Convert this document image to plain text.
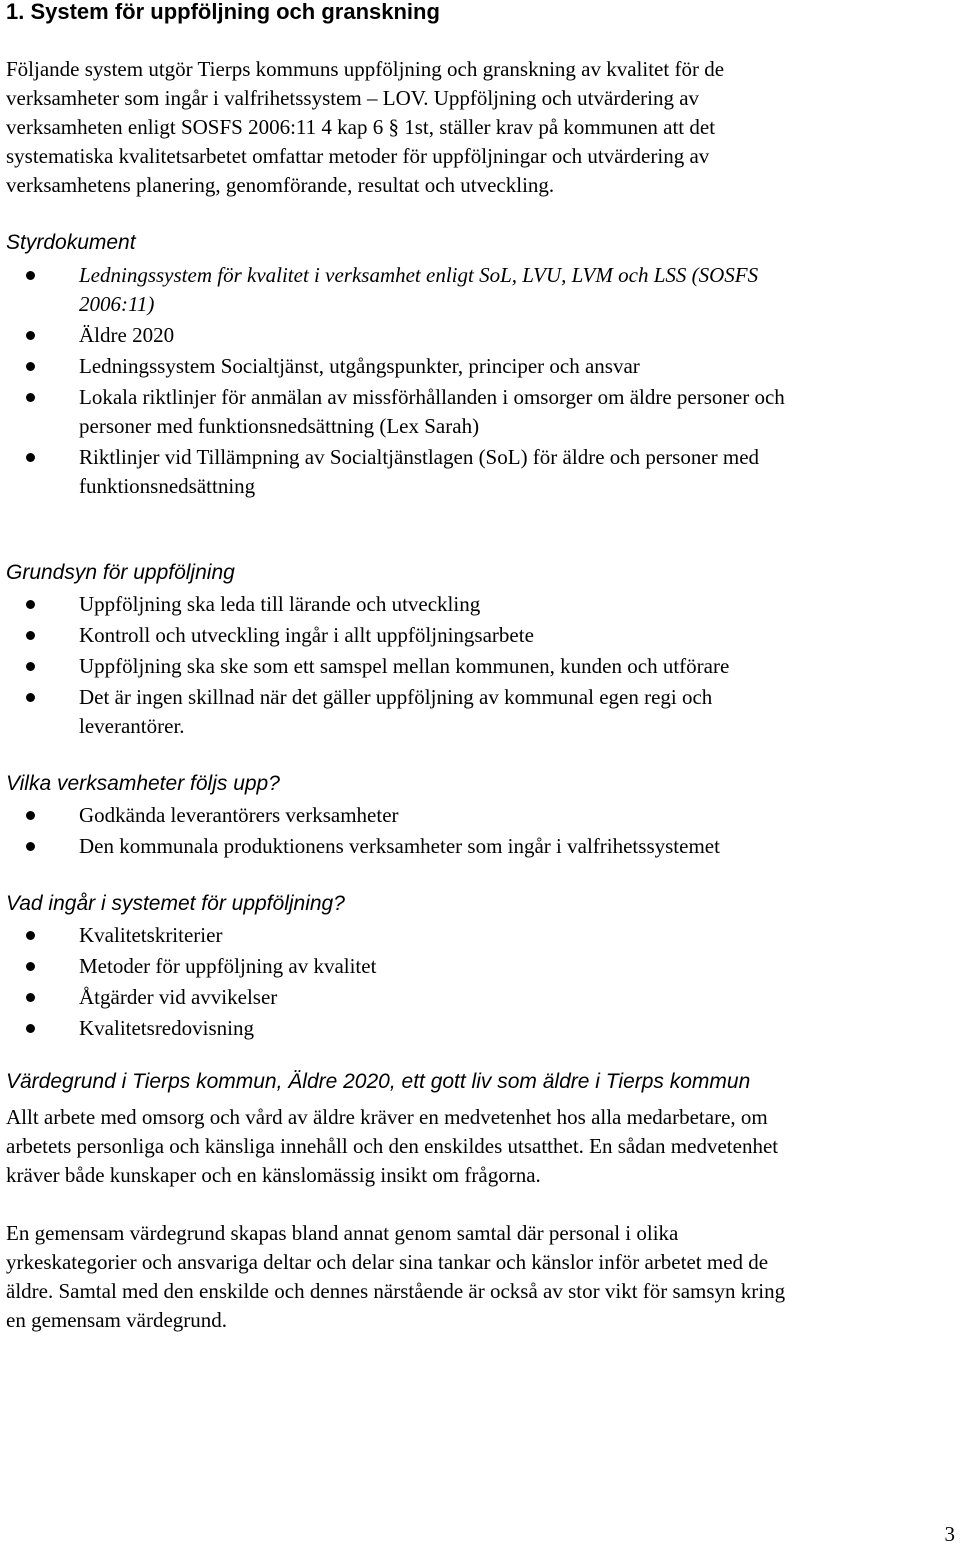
1. System för uppföljning och granskning
Följande system utgör Tierps kommuns uppföljning och granskning av kvalitet för de
verksamheter som ingår i valfrihetssystem – LOV. Uppföljning och utvärdering av
verksamheten enligt SOSFS 2006:11 4 kap 6 § 1st, ställer krav på kommunen att det
systematiska kvalitetsarbetet omfattar metoder för uppföljningar och utvärdering av
verksamhetens planering, genomförande, resultat och utveckling.
Styrdokument
Ledningssystem för kvalitet i verksamhet enligt SoL, LVU, LVM och LSS (SOSFS
2006:11)
Äldre 2020
Ledningssystem Socialtjänst, utgångspunkter, principer och ansvar
Lokala riktlinjer för anmälan av missförhållanden i omsorger om äldre personer och
personer med funktionsnedsättning (Lex Sarah)
Riktlinjer vid Tillämpning av Socialtjänstlagen (SoL) för äldre och personer med
funktionsnedsättning
Grundsyn för uppföljning
Uppföljning ska leda till lärande och utveckling
Kontroll och utveckling ingår i allt uppföljningsarbete
Uppföljning ska ske som ett samspel mellan kommunen, kunden och utförare
Det är ingen skillnad när det gäller uppföljning av kommunal egen regi och
leverantörer.
Vilka verksamheter följs upp?
Godkända leverantörers verksamheter
Den kommunala produktionens verksamheter som ingår i valfrihetssystemet
Vad ingår i systemet för uppföljning?
Kvalitetskriterier
Metoder för uppföljning av kvalitet
Åtgärder vid avvikelser
Kvalitetsredovisning
Värdegrund i Tierps kommun, Äldre 2020, ett gott liv som äldre i Tierps kommun
Allt arbete med omsorg och vård av äldre kräver en medvetenhet hos alla medarbetare, om
arbetets personliga och känsliga innehåll och den enskildes utsatthet. En sådan medvetenhet
kräver både kunskaper och en känslomässig insikt om frågorna.
En gemensam värdegrund skapas bland annat genom samtal där personal i olika
yrkeskategorier och ansvariga deltar och delar sina tankar och känslor inför arbetet med de
äldre. Samtal med den enskilde och dennes närstående är också av stor vikt för samsyn kring
en gemensam värdegrund.
3
